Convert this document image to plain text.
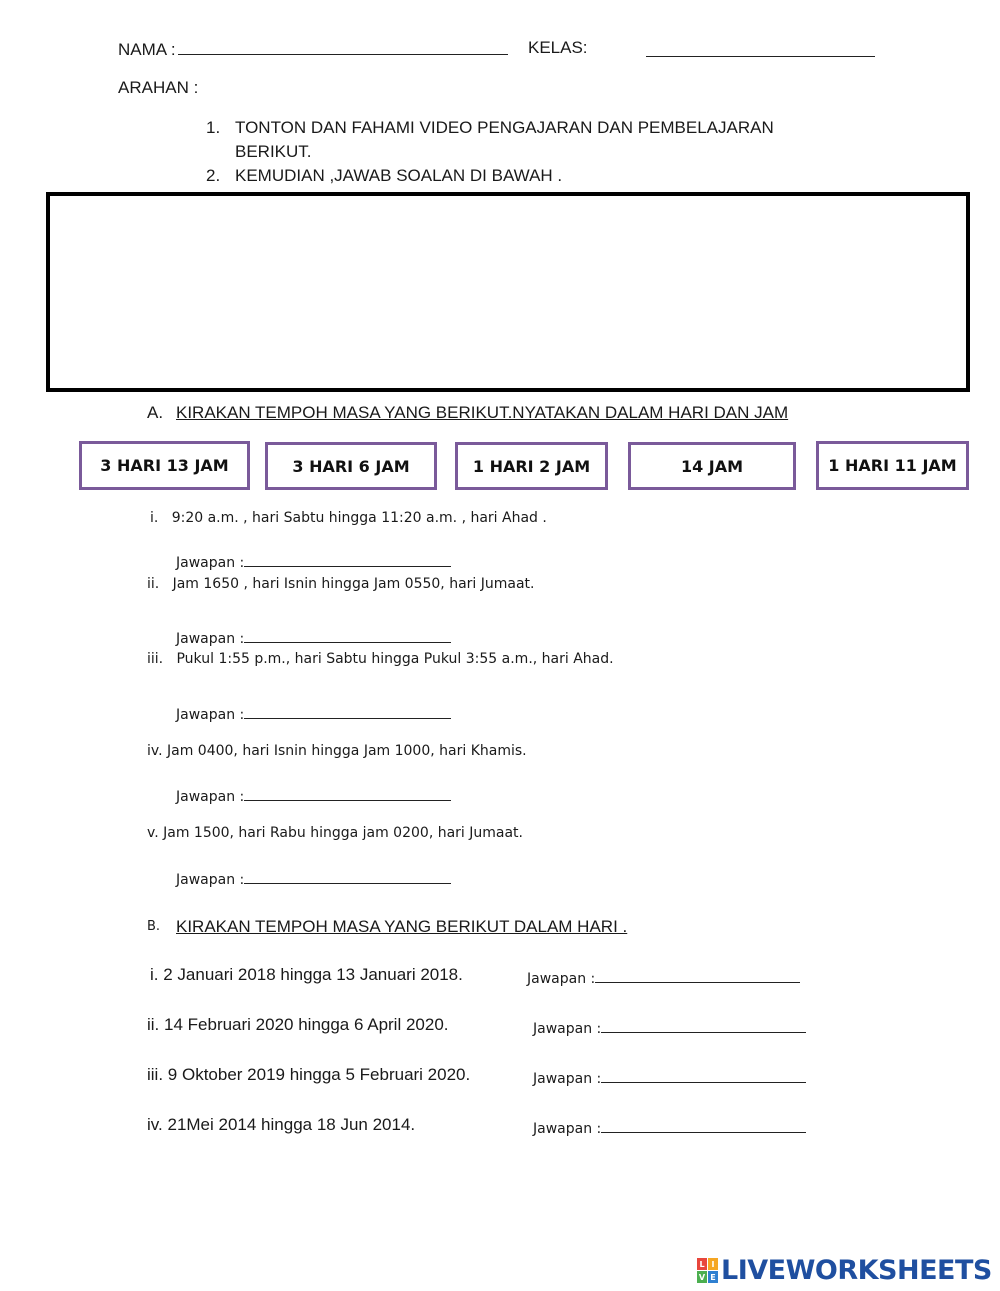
NAMA :	KELAS:
ARAHAN :
1. TONTON DAN FAHAMI VIDEO PENGAJARAN DAN PEMBELAJARAN
BERIKUT.
2. KEMUDIAN ,JAWAB SOALAN DI BAWAH .
A. KIRAKAN TEMPOH MASA YANG BERIKUT.NYATAKAN DALAM HARI DAN JAM
3 HARI 13 JAM	3 HARI 6 JAM	1 HARI 2 JAM	14 JAM	1 HARI 11 JAM
i. 9:20 a.m. , hari Sabtu hingga 11:20 a.m. , hari Ahad .
Jawapan :
ii. Jam 1650 , hari Isnin hingga Jam 0550, hari Jumaat.
Jawapan :
iii. Pukul 1:55 p.m., hari Sabtu hingga Pukul 3:55 a.m., hari Ahad.
Jawapan :
iv. Jam 0400, hari Isnin hingga Jam 1000, hari Khamis.
Jawapan :
v. Jam 1500, hari Rabu hingga jam 0200, hari Jumaat.
Jawapan :
B. KIRAKAN TEMPOH MASA YANG BERIKUT DALAM HARI .
i. 2 Januari 2018 hingga 13 Januari 2018.	Jawapan :
ii. 14 Februari 2020 hingga 6 April 2020.	Jawapan :
iii. 9 Oktober 2019 hingga 5 Februari 2020.	Jawapan :
iv. 21Mei 2014 hingga 18 Jun 2014.	Jawapan :
L I
V E LIVEWORKSHEETS
